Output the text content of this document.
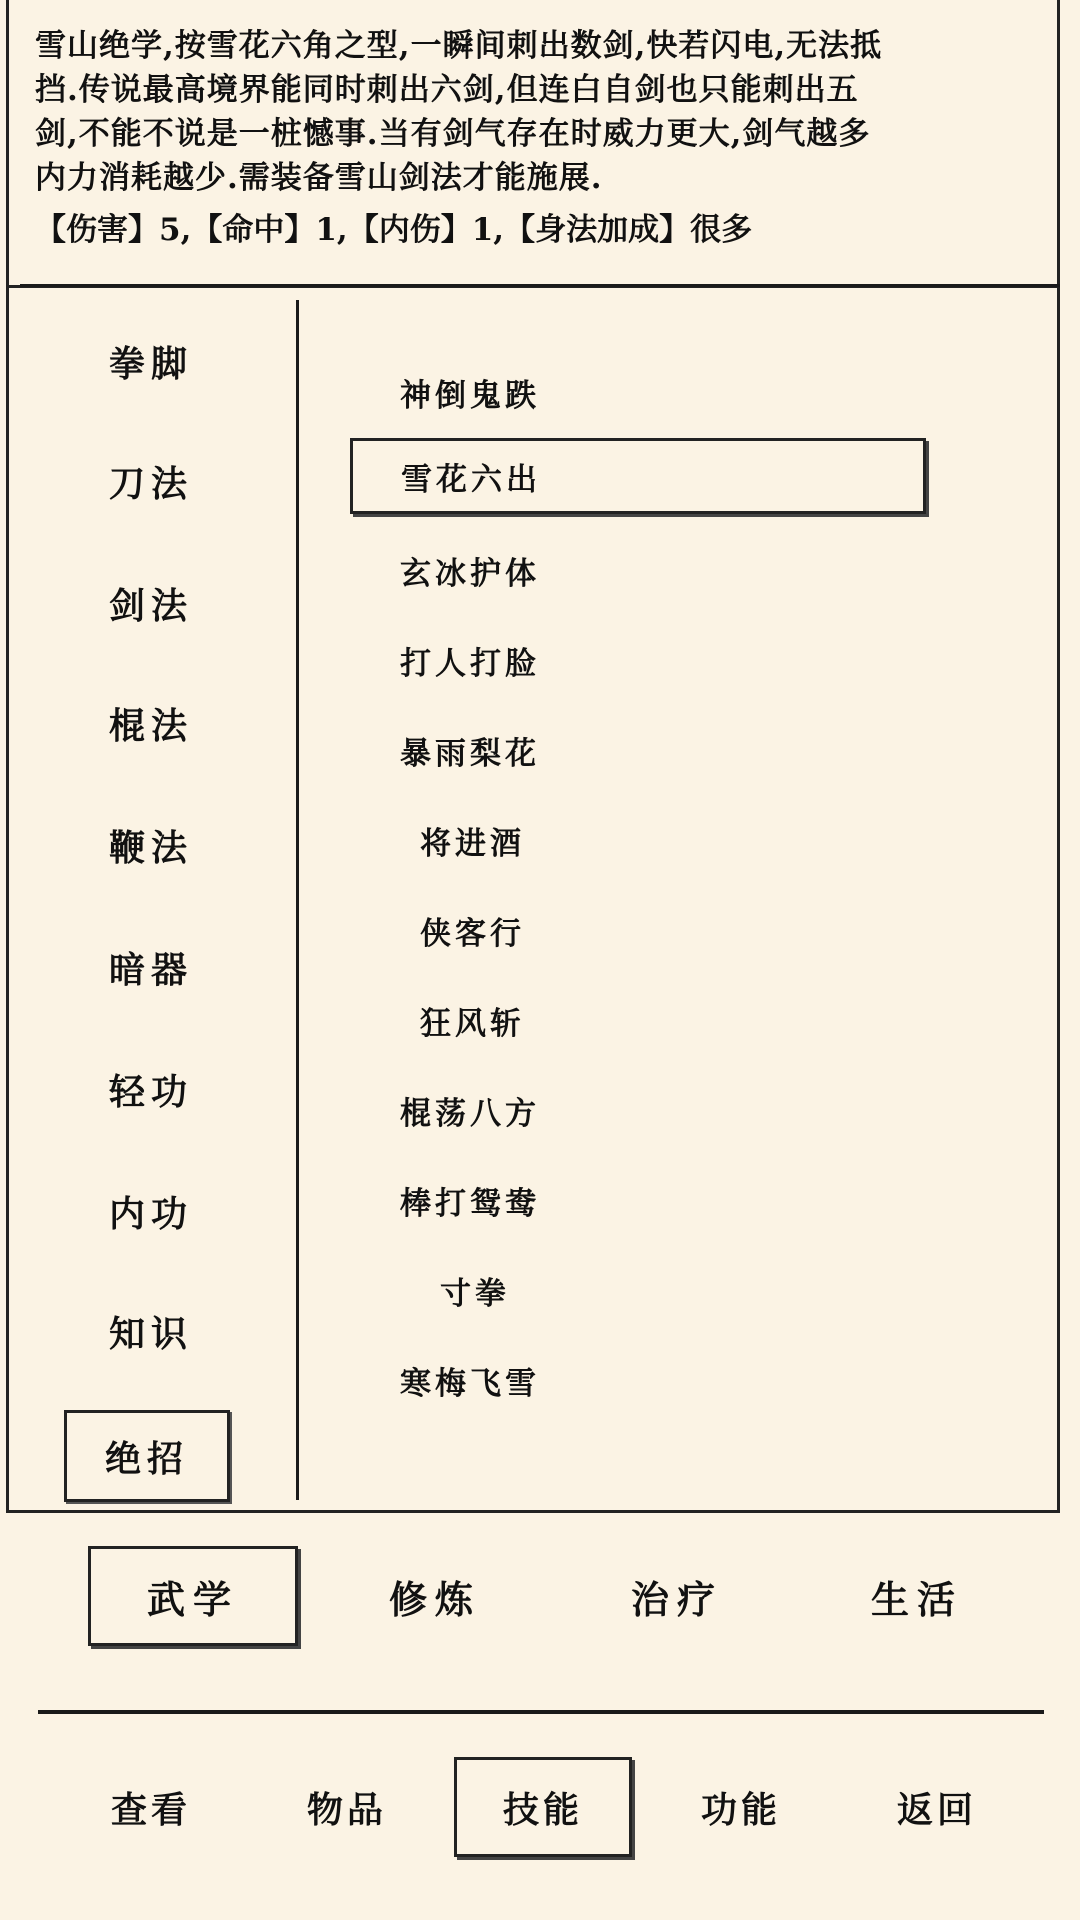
雪山绝学,按雪花六角之型,一瞬间刺出数剑,快若闪电,无法抵
挡.传说最高境界能同时刺出六剑,但连白自剑也只能刺出五
剑,不能不说是一桩憾事.当有剑气存在时威力更大,剑气越多
内力消耗越少.需装备雪山剑法才能施展.
【伤害】5,【命中】1,【内伤】1,【身法加成】很多
拳脚
刀法
剑法
棍法
鞭法
暗器
轻功
内功
知识
绝招
神倒鬼跌
雪花六出
玄冰护体
打人打脸
暴雨梨花
将进酒
侠客行
狂风斩
棍荡八方
棒打鸳鸯
寸拳
寒梅飞雪
武学	修炼	治疗	生活
查看	物品	技能	功能	返回
